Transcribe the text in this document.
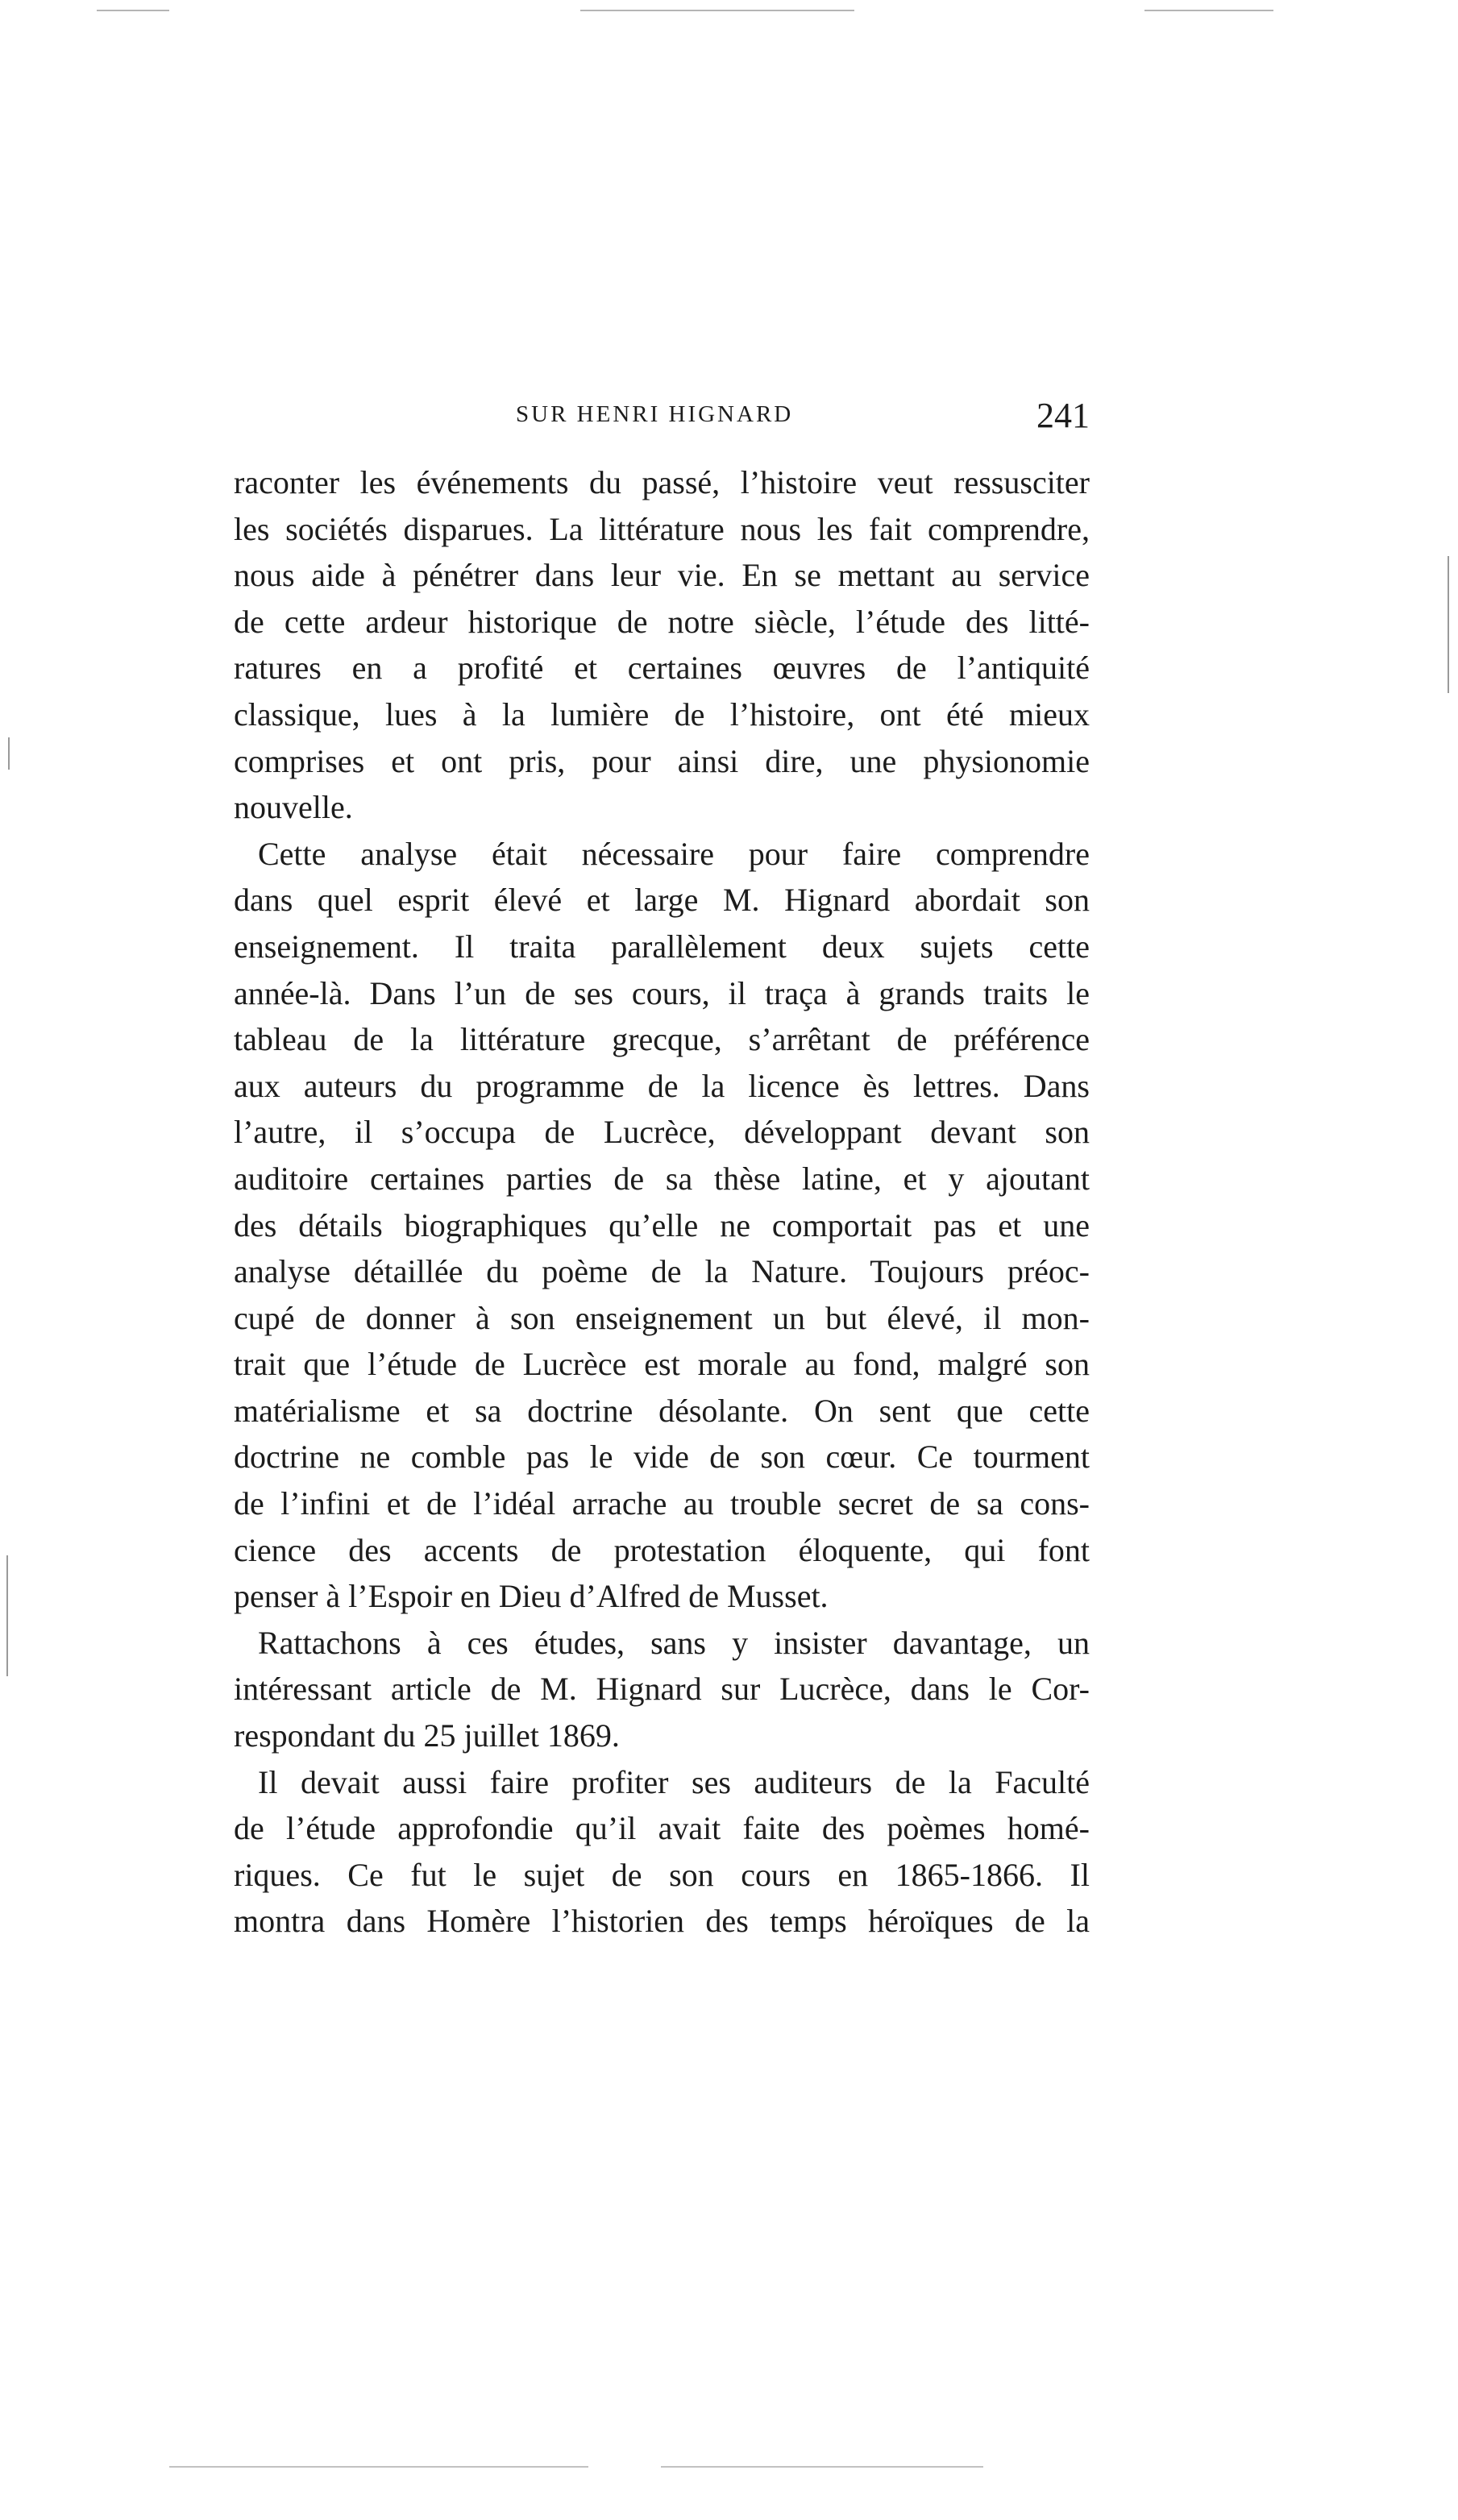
SUR HENRI HIGNARD	241
raconter les événements du passé, l’histoire veut ressusciter
les sociétés disparues. La littérature nous les fait comprendre,
nous aide à pénétrer dans leur vie. En se mettant au service
de cette ardeur historique de notre siècle, l’étude des litté-
ratures en a profité et certaines œuvres de l’antiquité
classique, lues à la lumière de l’histoire, ont été mieux
comprises et ont pris, pour ainsi dire, une physionomie
nouvelle.
Cette analyse était nécessaire pour faire comprendre
dans quel esprit élevé et large M. Hignard abordait son
enseignement. Il traita parallèlement deux sujets cette
année-là. Dans l’un de ses cours, il traça à grands traits le
tableau de la littérature grecque, s’arrêtant de préférence
aux auteurs du programme de la licence ès lettres. Dans
l’autre, il s’occupa de Lucrèce, développant devant son
auditoire certaines parties de sa thèse latine, et y ajoutant
des détails biographiques qu’elle ne comportait pas et une
analyse détaillée du poème de la Nature. Toujours préoc-
cupé de donner à son enseignement un but élevé, il mon-
trait que l’étude de Lucrèce est morale au fond, malgré son
matérialisme et sa doctrine désolante. On sent que cette
doctrine ne comble pas le vide de son cœur. Ce tourment
de l’infini et de l’idéal arrache au trouble secret de sa cons-
cience des accents de protestation éloquente, qui font
penser à l’Espoir en Dieu d’Alfred de Musset.
Rattachons à ces études, sans y insister davantage, un
intéressant article de M. Hignard sur Lucrèce, dans le Cor-
respondant du 25 juillet 1869.
Il devait aussi faire profiter ses auditeurs de la Faculté
de l’étude approfondie qu’il avait faite des poèmes homé-
riques. Ce fut le sujet de son cours en 1865-1866. Il
montra dans Homère l’historien des temps héroïques de la
